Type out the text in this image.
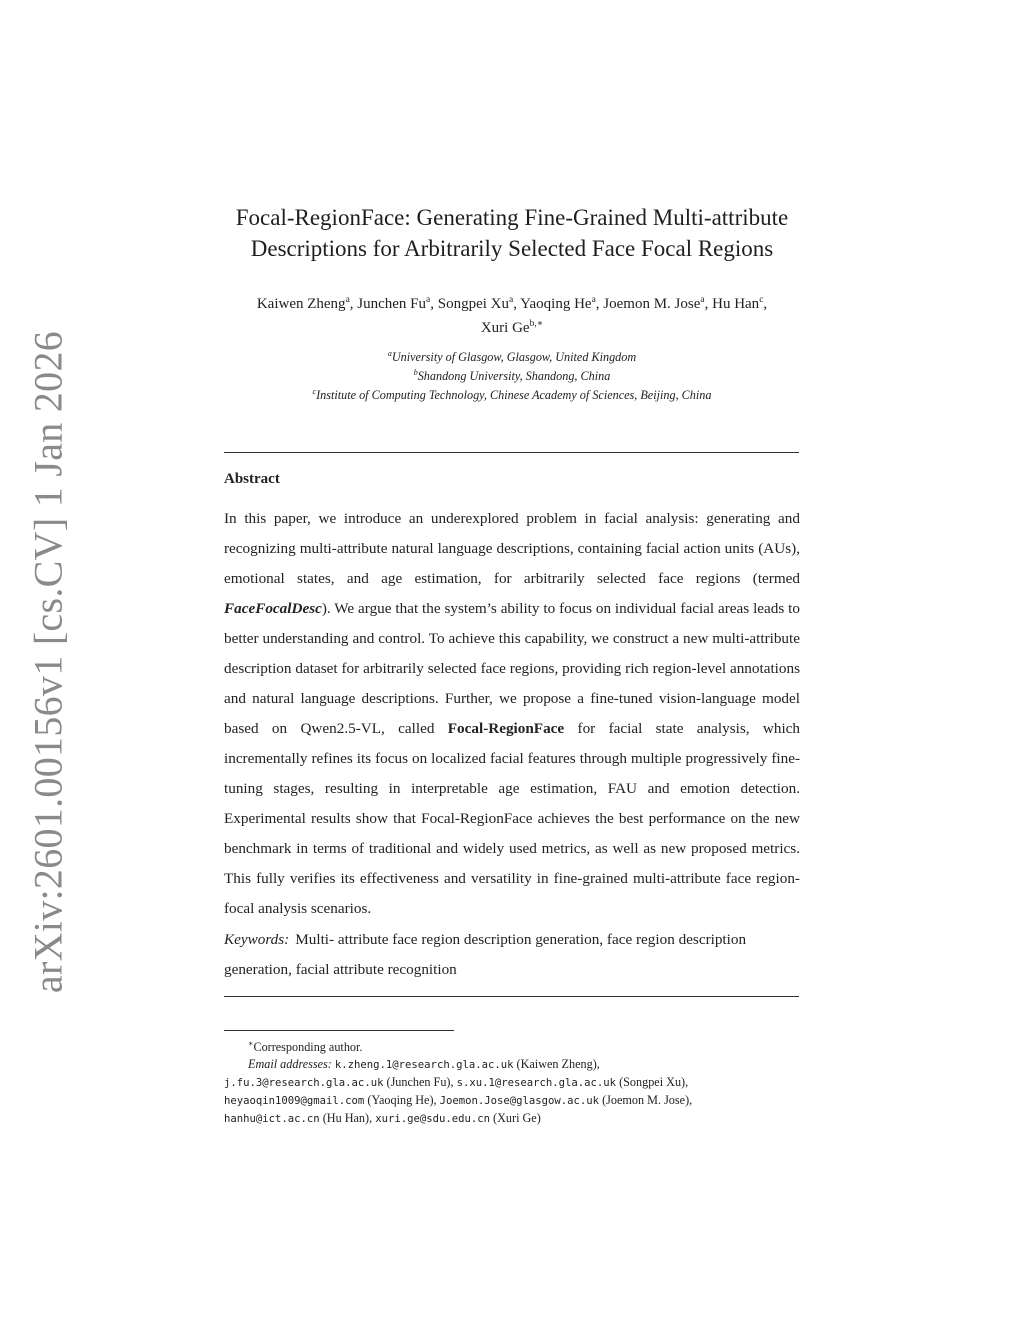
arXiv:2601.00156v1 [cs.CV] 1 Jan 2026
Focal-RegionFace: Generating Fine-Grained Multi-attribute
Descriptions for Arbitrarily Selected Face Focal Regions
Kaiwen Zheng$^a$, Junchen Fu$^a$, Songpei Xu$^a$, Yaoqing He$^a$, Joemon M. Jose$^a$, Hu Han$^c$,
Xuri $Ge^{b,∗}$
$^a$University of Glasgow, Glasgow, United Kingdom
$^b$Shandong University, Shandong, China
$^c$Institute of Computing Technology, Chinese Academy of Sciences, Beijing, China
Abstract

In this paper, we introduce an underexplored problem in facial analysis: generating and recognizing multi-attribute natural language descriptions, containing facial action units (AUs), emotional states, and age estimation, for arbitrarily selected face regions (termed FaceFocalDesc). We argue that the system’s ability to focus on individual facial areas leads to better understanding and control. To achieve this capability, we construct a new multi-attribute description dataset for arbitrarily selected face regions, providing rich region-level annotations and natural language descriptions. Further, we propose a fine-tuned vision-language model based on Qwen2.5-VL, called Focal-RegionFace for facial state analysis, which incrementally refines its focus on localized facial features through multiple progressively fine-tuning stages, resulting in interpretable age estimation, FAU and emotion detection. Experimental results show that Focal-RegionFace achieves the best performance on the new benchmark in terms of traditional and widely used metrics, as well as new proposed metrics. This fully verifies its effectiveness and versatility in fine-grained multi-attribute face region-focal analysis scenarios.

Keywords: Multi- attribute face region description generation, face region description generation, facial attribute recognition

∗Corresponding author.
Email addresses: k.zheng.1@research.gla.ac.uk (Kaiwen Zheng),
j.fu.3@research.gla.ac.uk (Junchen Fu), s.xu.1@research.gla.ac.uk (Songpei Xu),
heyaoqin1009@gmail.com (Yaoqing He), Joemon.Jose@glasgow.ac.uk (Joemon M. Jose),
hanhu@ict.ac.cn (Hu Han), xuri.ge@sdu.edu.cn (Xuri Ge)
